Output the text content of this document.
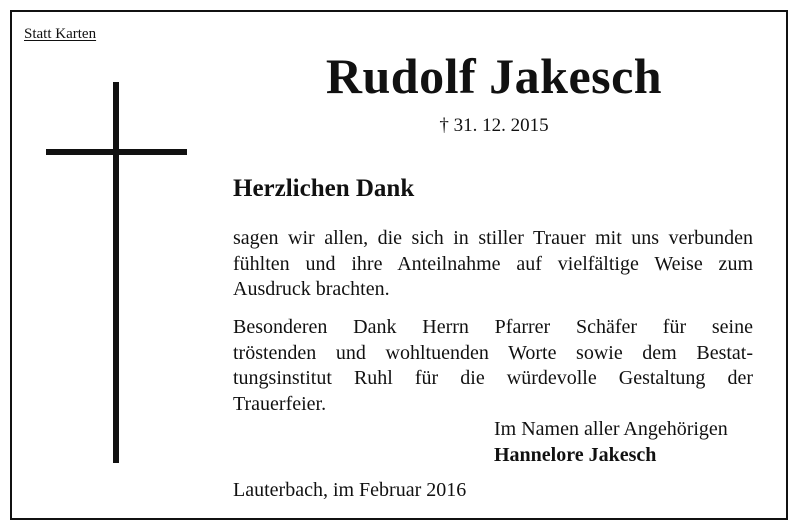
Statt Karten
Rudolf Jakesch
† 31. 12. 2015
Herzlichen Dank
sagen wir allen, die sich in stiller Trauer mit uns verbunden
fühlten und ihre Anteilnahme auf vielfältige Weise zum
Ausdruck brachten.
Besonderen Dank Herrn Pfarrer Schäfer für seine
tröstenden und wohltuenden Worte sowie dem Bestat-
tungsinstitut Ruhl für die würdevolle Gestaltung der
Trauerfeier.
Im Namen aller Angehörigen
Hannelore Jakesch
Lauterbach, im Februar 2016
